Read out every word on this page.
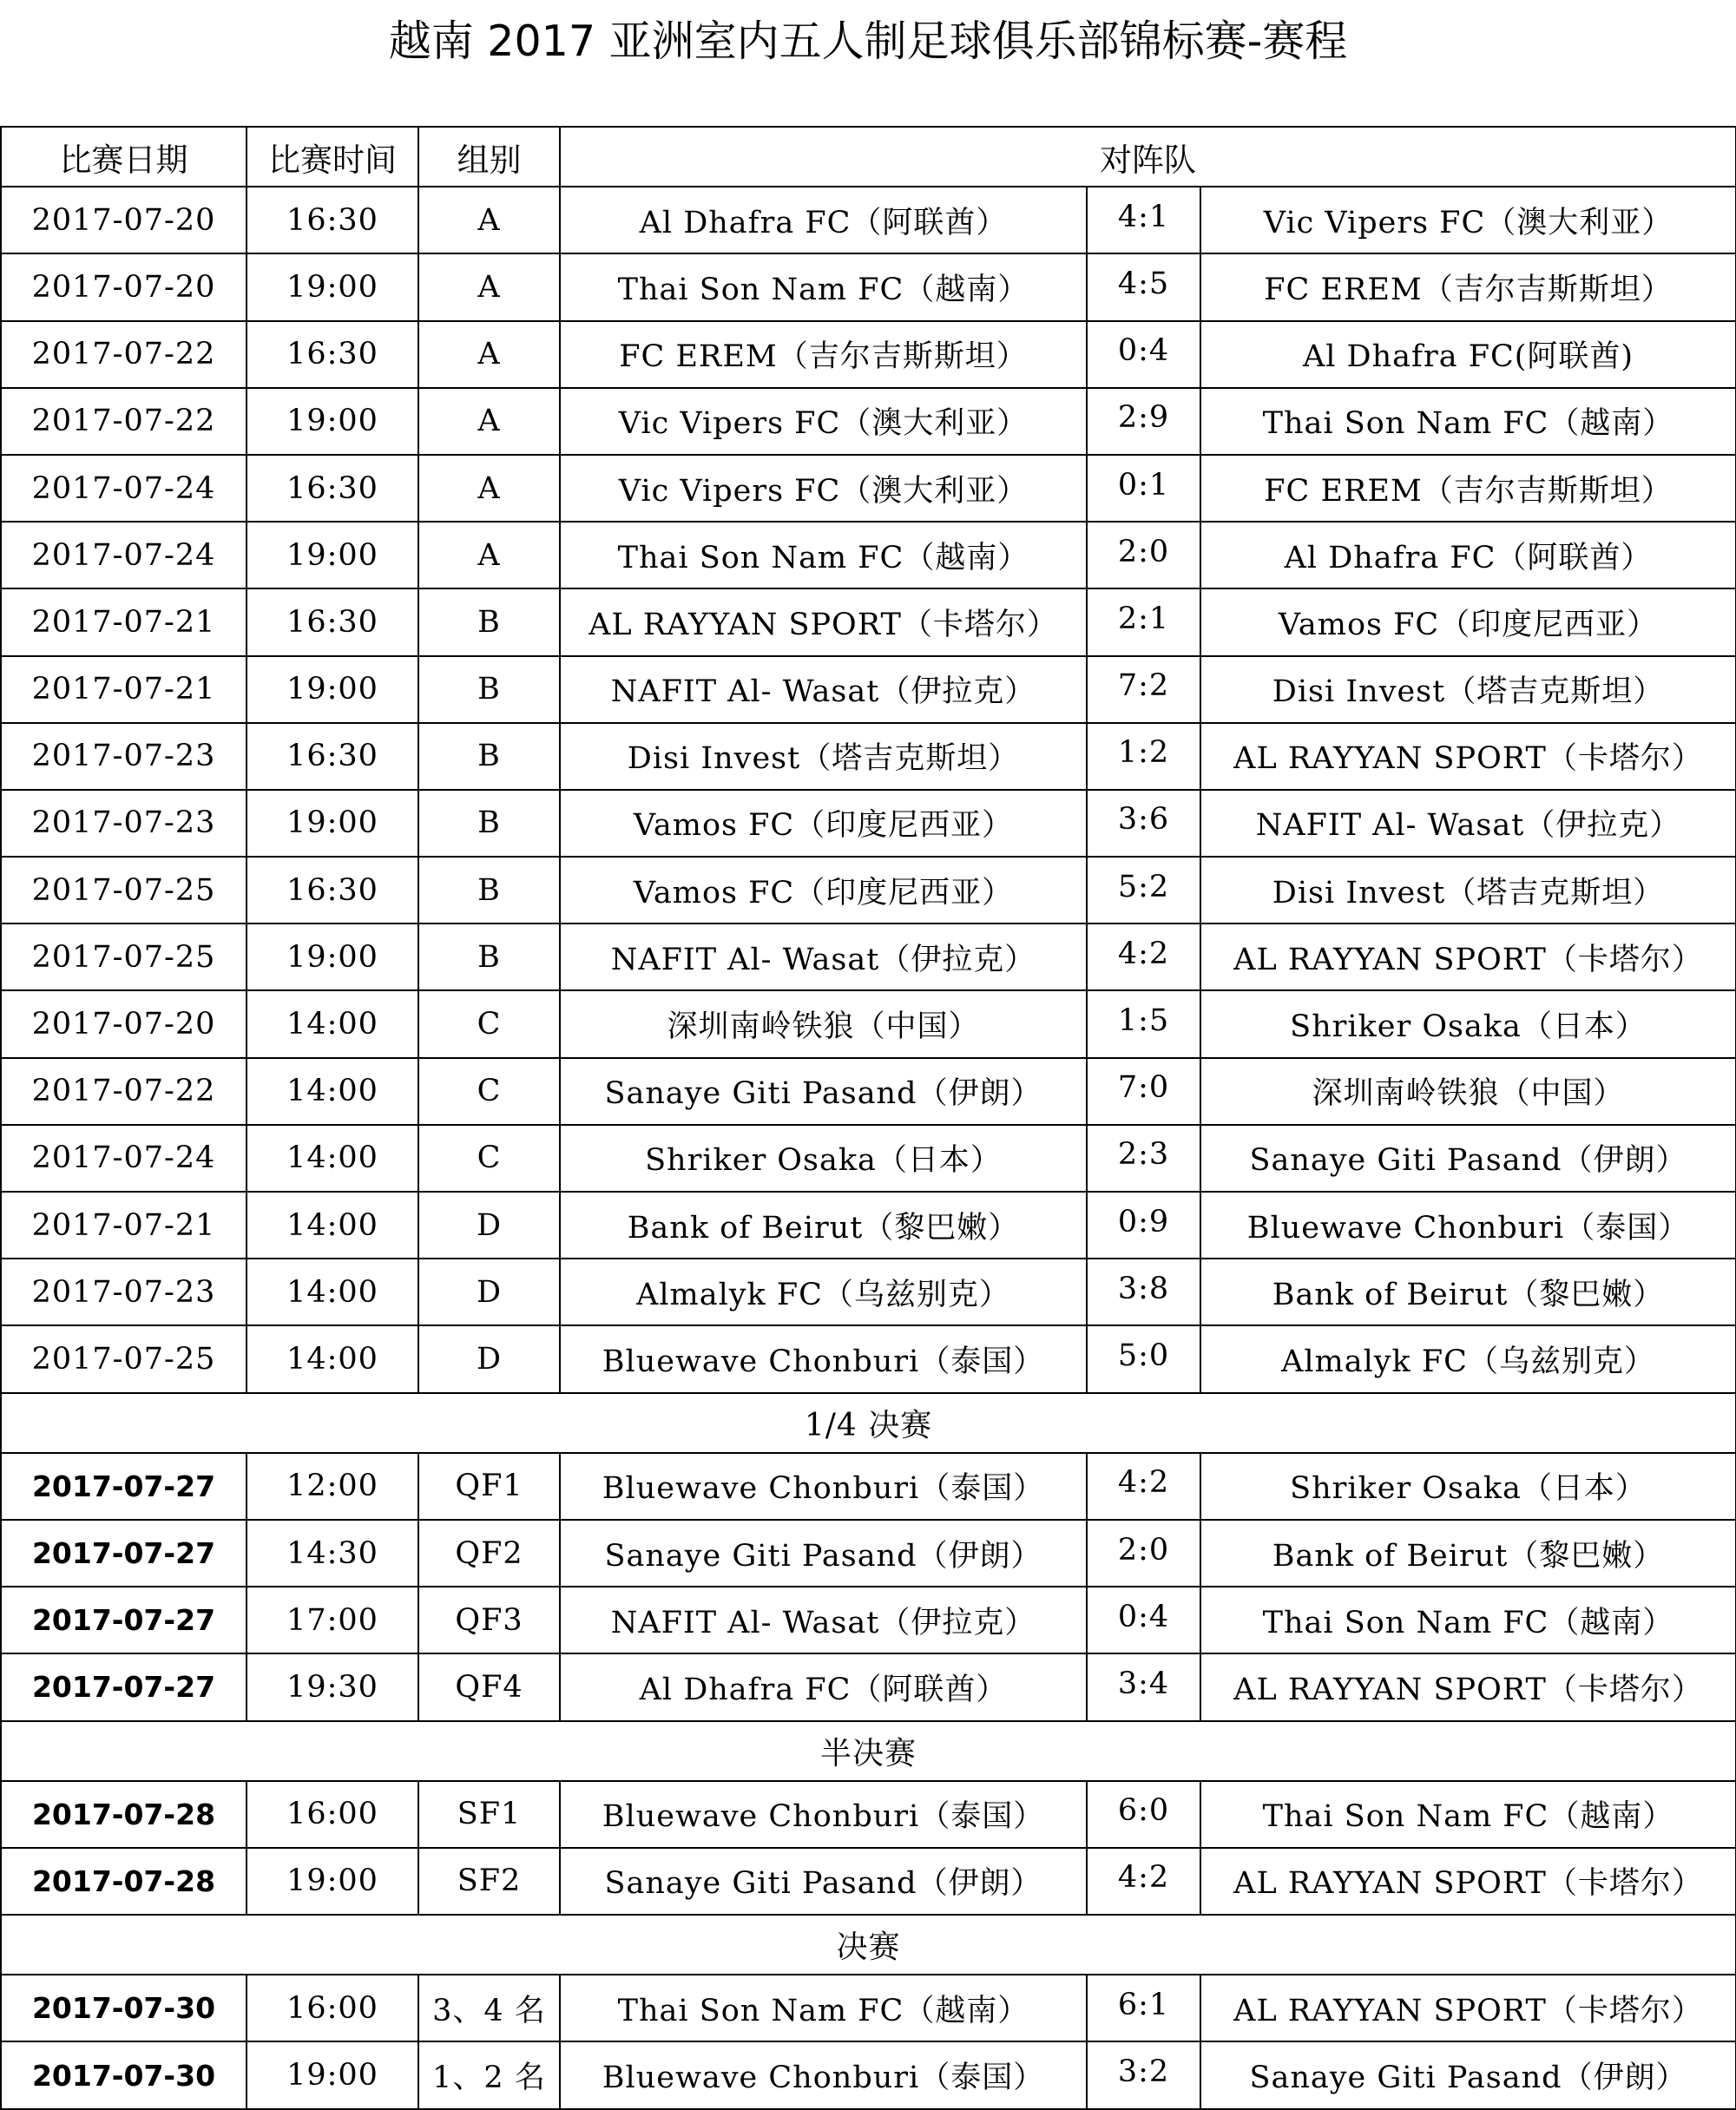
越南 2017 亚洲室内五人制足球俱乐部锦标赛-赛程
比赛日期	比赛时间	组别	对阵队		
2017-07-20	16:30	A	Al Dhafra FC（阿联酋）	4:1	Vic Vipers FC（澳大利亚）
2017-07-20	19:00	A	Thai Son Nam FC（越南）	4:5	FC EREM（吉尔吉斯斯坦）
2017-07-22	16:30	A	FC EREM（吉尔吉斯斯坦）	0:4	Al Dhafra FC(阿联酋)
2017-07-22	19:00	A	Vic Vipers FC（澳大利亚）	2:9	Thai Son Nam FC（越南）
2017-07-24	16:30	A	Vic Vipers FC（澳大利亚）	0:1	FC EREM（吉尔吉斯斯坦）
2017-07-24	19:00	A	Thai Son Nam FC（越南）	2:0	Al Dhafra FC（阿联酋）
2017-07-21	16:30	B	AL RAYYAN SPORT（卡塔尔）	2:1	Vamos FC（印度尼西亚）
2017-07-21	19:00	B	NAFIT Al- Wasat（伊拉克）	7:2	Disi Invest（塔吉克斯坦）
2017-07-23	16:30	B	Disi Invest（塔吉克斯坦）	1:2	AL RAYYAN SPORT（卡塔尔）
2017-07-23	19:00	B	Vamos FC（印度尼西亚）	3:6	NAFIT Al- Wasat（伊拉克）
2017-07-25	16:30	B	Vamos FC（印度尼西亚）	5:2	Disi Invest（塔吉克斯坦）
2017-07-25	19:00	B	NAFIT Al- Wasat（伊拉克）	4:2	AL RAYYAN SPORT（卡塔尔）
2017-07-20	14:00	C	深圳南岭铁狼（中国）	1:5	Shriker Osaka（日本）
2017-07-22	14:00	C	Sanaye Giti Pasand（伊朗）	7:0	深圳南岭铁狼（中国）
2017-07-24	14:00	C	Shriker Osaka（日本）	2:3	Sanaye Giti Pasand（伊朗）
2017-07-21	14:00	D	Bank of Beirut（黎巴嫩）	0:9	Bluewave Chonburi（泰国）
2017-07-23	14:00	D	Almalyk FC（乌兹别克）	3:8	Bank of Beirut（黎巴嫩）
2017-07-25	14:00	D	Bluewave Chonburi（泰国）	5:0	Almalyk FC（乌兹别克）
1/4 决赛					
2017-07-27	12:00	QF1	Bluewave Chonburi（泰国）	4:2	Shriker Osaka（日本）
2017-07-27	14:30	QF2	Sanaye Giti Pasand（伊朗）	2:0	Bank of Beirut（黎巴嫩）
2017-07-27	17:00	QF3	NAFIT Al- Wasat（伊拉克）	0:4	Thai Son Nam FC（越南）
2017-07-27	19:30	QF4	Al Dhafra FC（阿联酋）	3:4	AL RAYYAN SPORT（卡塔尔）
半决赛					
2017-07-28	16:00	SF1	Bluewave Chonburi（泰国）	6:0	Thai Son Nam FC（越南）
2017-07-28	19:00	SF2	Sanaye Giti Pasand（伊朗）	4:2	AL RAYYAN SPORT（卡塔尔）
决赛					
2017-07-30	16:00	3、4 名	Thai Son Nam FC（越南）	6:1	AL RAYYAN SPORT（卡塔尔）
2017-07-30	19:00	1、2 名	Bluewave Chonburi（泰国）	3:2	Sanaye Giti Pasand（伊朗）
